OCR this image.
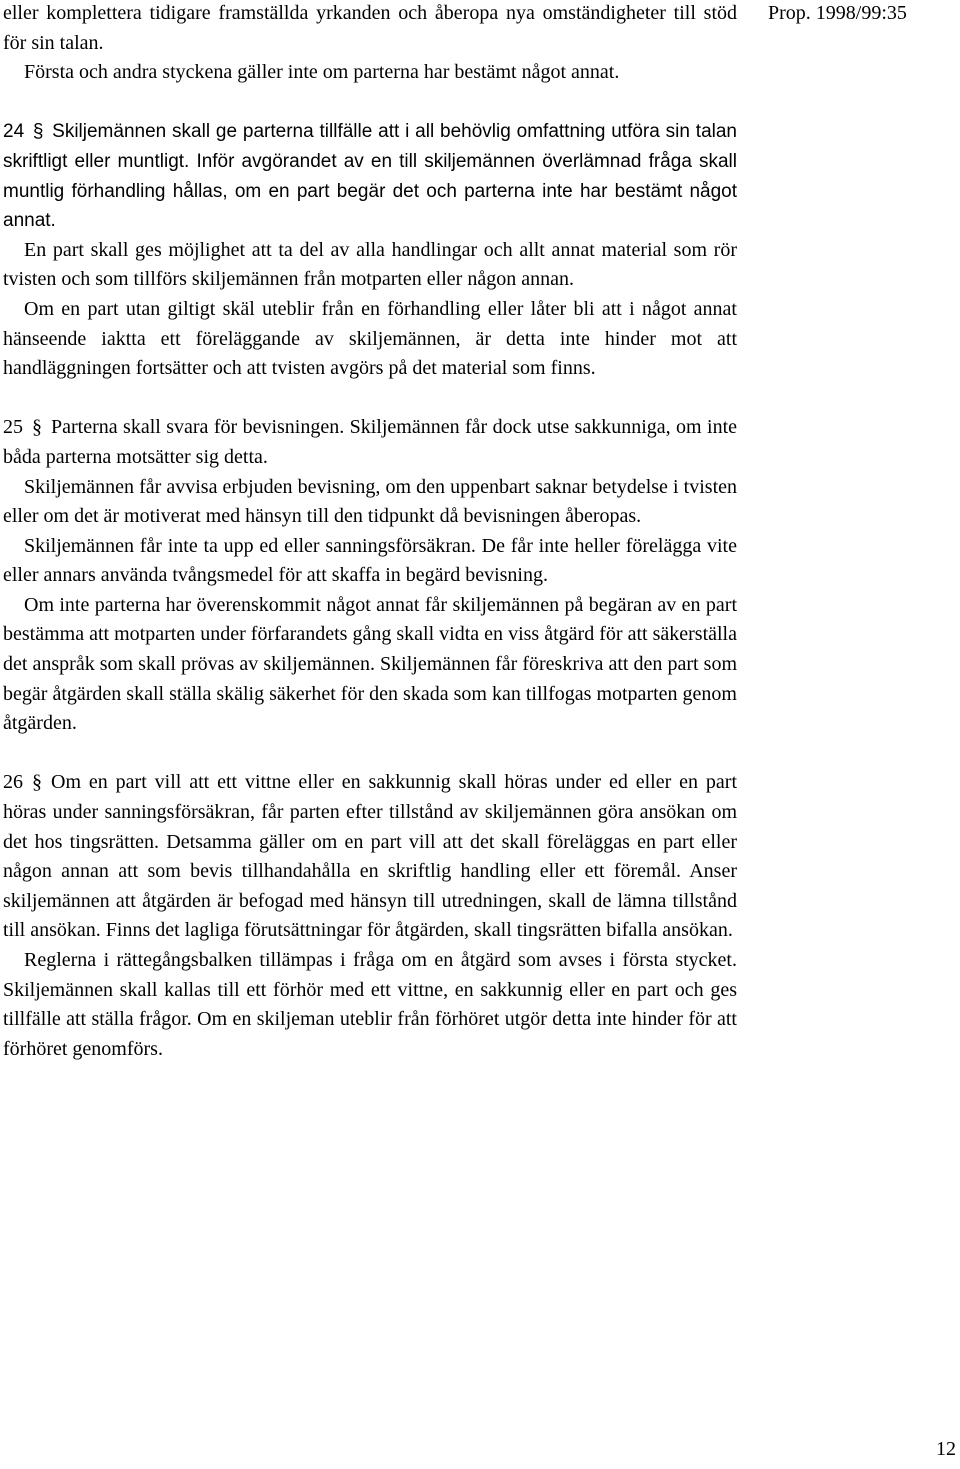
Prop. 1998/99:35

eller komplettera tidigare framställda yrkanden och åberopa nya omständigheter till stöd för sin talan.

Första och andra styckena gäller inte om parterna har bestämt något annat.

24 § Skiljemännen skall ge parterna tillfälle att i all behövlig omfattning utföra sin talan skriftligt eller muntligt. Inför avgörandet av en till skiljemännen överlämnad fråga skall muntlig förhandling hållas, om en part begär det och parterna inte har bestämt något annat.

En part skall ges möjlighet att ta del av alla handlingar och allt annat material som rör tvisten och som tillförs skiljemännen från motparten eller någon annan.

Om en part utan giltigt skäl uteblir från en förhandling eller låter bli att i något annat hänseende iaktta ett föreläggande av skiljemännen, är detta inte hinder mot att handläggningen fortsätter och att tvisten avgörs på det material som finns.

25 § Parterna skall svara för bevisningen. Skiljemännen får dock utse sakkunniga, om inte båda parterna motsätter sig detta.

Skiljemännen får avvisa erbjuden bevisning, om den uppenbart saknar betydelse i tvisten eller om det är motiverat med hänsyn till den tidpunkt då bevisningen åberopas.

Skiljemännen får inte ta upp ed eller sanningsförsäkran. De får inte heller förelägga vite eller annars använda tvångsmedel för att skaffa in begärd bevisning.

Om inte parterna har överenskommit något annat får skiljemännen på begäran av en part bestämma att motparten under förfarandets gång skall vidta en viss åtgärd för att säkerställa det anspråk som skall prövas av skiljemännen. Skiljemännen får föreskriva att den part som begär åtgärden skall ställa skälig säkerhet för den skada som kan tillfogas motparten genom åtgärden.

26 § Om en part vill att ett vittne eller en sakkunnig skall höras under ed eller en part höras under sanningsförsäkran, får parten efter tillstånd av skiljemännen göra ansökan om det hos tingsrätten. Detsamma gäller om en part vill att det skall föreläggas en part eller någon annan att som bevis tillhandahålla en skriftlig handling eller ett föremål. Anser skiljemännen att åtgärden är befogad med hänsyn till utredningen, skall de lämna tillstånd till ansökan. Finns det lagliga förutsättningar för åtgärden, skall tingsrätten bifalla ansökan.

Reglerna i rättegångsbalken tillämpas i fråga om en åtgärd som avses i första stycket. Skiljemännen skall kallas till ett förhör med ett vittne, en sakkunnig eller en part och ges tillfälle att ställa frågor. Om en skiljeman uteblir från förhöret utgör detta inte hinder för att förhöret genomförs.

12
